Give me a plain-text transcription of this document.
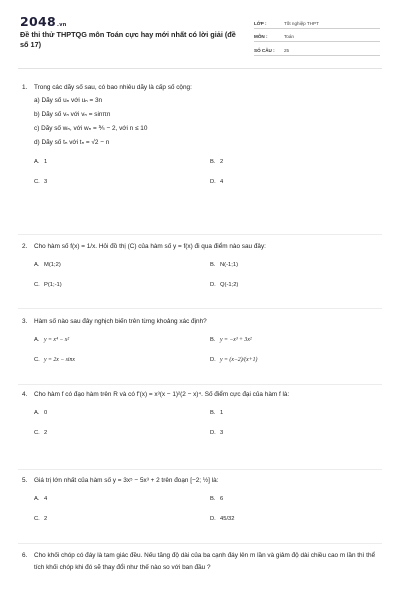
2048.vn
Đề thi thử THPTQG môn Toán cực hay mới nhất có lời giải (đề số 17)
LỚP :	Tốt nghiệp THPT
MÔN :	Toán
SỐ CÂU :	25
1.	Trong các dãy số sau, có bao nhiêu dãy là cấp số cộng:
a) Dãy số uₙ với uₙ = 3n
b) Dãy số vₙ với vₙ = sinπn
c) Dãy số wₙ, với wₙ = ⅗ − 2, với n ≤ 10
d) Dãy số tₙ với tₙ = √2 − n
A. 1	B. 2
C. 3	D. 4
2.	Cho hàm số f(x) = 1/x. Hỏi đồ thị (C) của hàm số y = f(x) đi qua điểm nào sau đây:
A. M(1;2)	B. N(-1;1)
C. P(1;-1)	D. Q(-1;2)
3.	Hàm số nào sau đây nghịch biến trên từng khoảng xác định?
A. y = x⁴ − x²	B. y = −x³ + 3x²
C. y = 2x − sinx	D. y = (x−2)/(x+1)
4.	Cho hàm f có đạo hàm trên R và có f'(x) = x³(x − 1)²(2 − x)⁴. Số điểm cực đại của hàm f là:
A. 0	B. 1
C. 2	D. 3
5.	Giá trị lớn nhất của hàm số y = 3x⁵ − 5x³ + 2 trên đoạn [−2; ½] là:
A. 4	B. 6
C. 2	D. 45/32
6.	Cho khối chóp có đáy là tam giác đều. Nếu tăng độ dài của ba cạnh đáy lên m lần và giảm độ dài chiều cao m lần thì thể tích khối chóp khi đó sẽ thay đổi như thế nào so với ban đầu ?
